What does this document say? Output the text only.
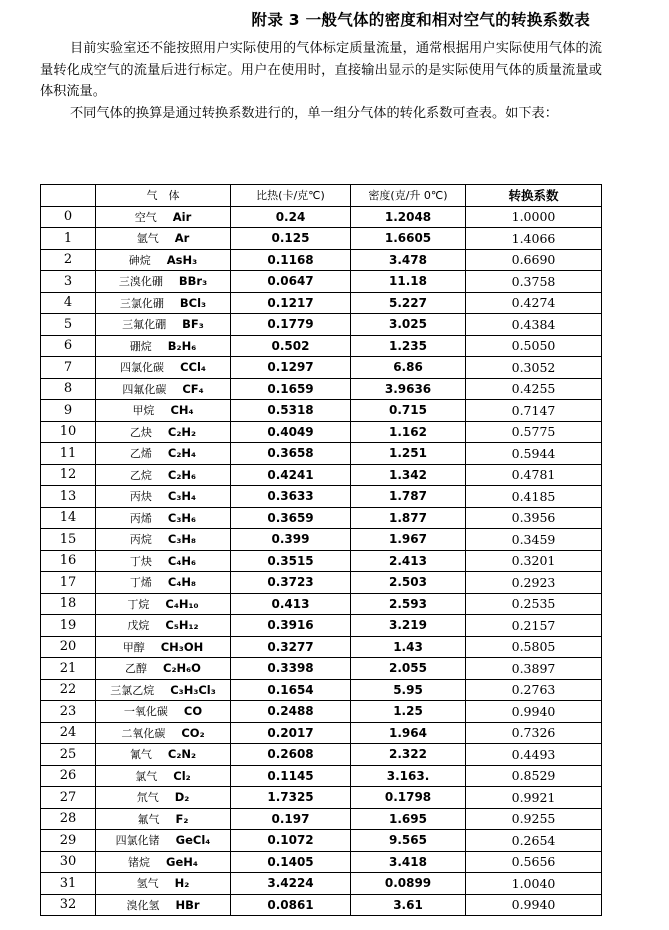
附录 3 一般气体的密度和相对空气的转换系数表

目前实验室还不能按照用户实际使用的气体标定质量流量，通常根据用户实际使用气体的流量转化成空气的流量后进行标定。用户在使用时，直接输出显示的是实际使用气体的质量流量或体积流量。

不同气体的换算是通过转换系数进行的，单一组分气体的转化系数可查表。如下表：

	气　体	比热(卡/克℃)	密度(克/升 0℃)	转换系数
0	空气 Air	0.24	1.2048	1.0000
1	氩气 Ar	0.125	1.6605	1.4066
2	砷烷 AsH₃	0.1168	3.478	0.6690
3	三溴化硼 BBr₃	0.0647	11.18	0.3758
4	三氯化硼 BCl₃	0.1217	5.227	0.4274
5	三氟化硼 BF₃	0.1779	3.025	0.4384
6	硼烷 B₂H₆	0.502	1.235	0.5050
7	四氯化碳 CCl₄	0.1297	6.86	0.3052
8	四氟化碳 CF₄	0.1659	3.9636	0.4255
9	甲烷 CH₄	0.5318	0.715	0.7147
10	乙炔 C₂H₂	0.4049	1.162	0.5775
11	乙烯 C₂H₄	0.3658	1.251	0.5944
12	乙烷 C₂H₆	0.4241	1.342	0.4781
13	丙炔 C₃H₄	0.3633	1.787	0.4185
14	丙烯 C₃H₆	0.3659	1.877	0.3956
15	丙烷 C₃H₈	0.399	1.967	0.3459
16	丁炔 C₄H₆	0.3515	2.413	0.3201
17	丁烯 C₄H₈	0.3723	2.503	0.2923
18	丁烷 C₄H₁₀	0.413	2.593	0.2535
19	戊烷 C₅H₁₂	0.3916	3.219	0.2157
20	甲醇 CH₃OH	0.3277	1.43	0.5805
21	乙醇 C₂H₆O	0.3398	2.055	0.3897
22	三氯乙烷 C₃H₃Cl₃	0.1654	5.95	0.2763
23	一氧化碳 CO	0.2488	1.25	0.9940
24	二氧化碳 CO₂	0.2017	1.964	0.7326
25	氰气 C₂N₂	0.2608	2.322	0.4493
26	氯气 Cl₂	0.1145	3.163.	0.8529
27	氘气 D₂	1.7325	0.1798	0.9921
28	氟气 F₂	0.197	1.695	0.9255
29	四氯化锗 GeCl₄	0.1072	9.565	0.2654
30	锗烷 GeH₄	0.1405	3.418	0.5656
31	氢气 H₂	3.4224	0.0899	1.0040
32	溴化氢 HBr	0.0861	3.61	0.9940
